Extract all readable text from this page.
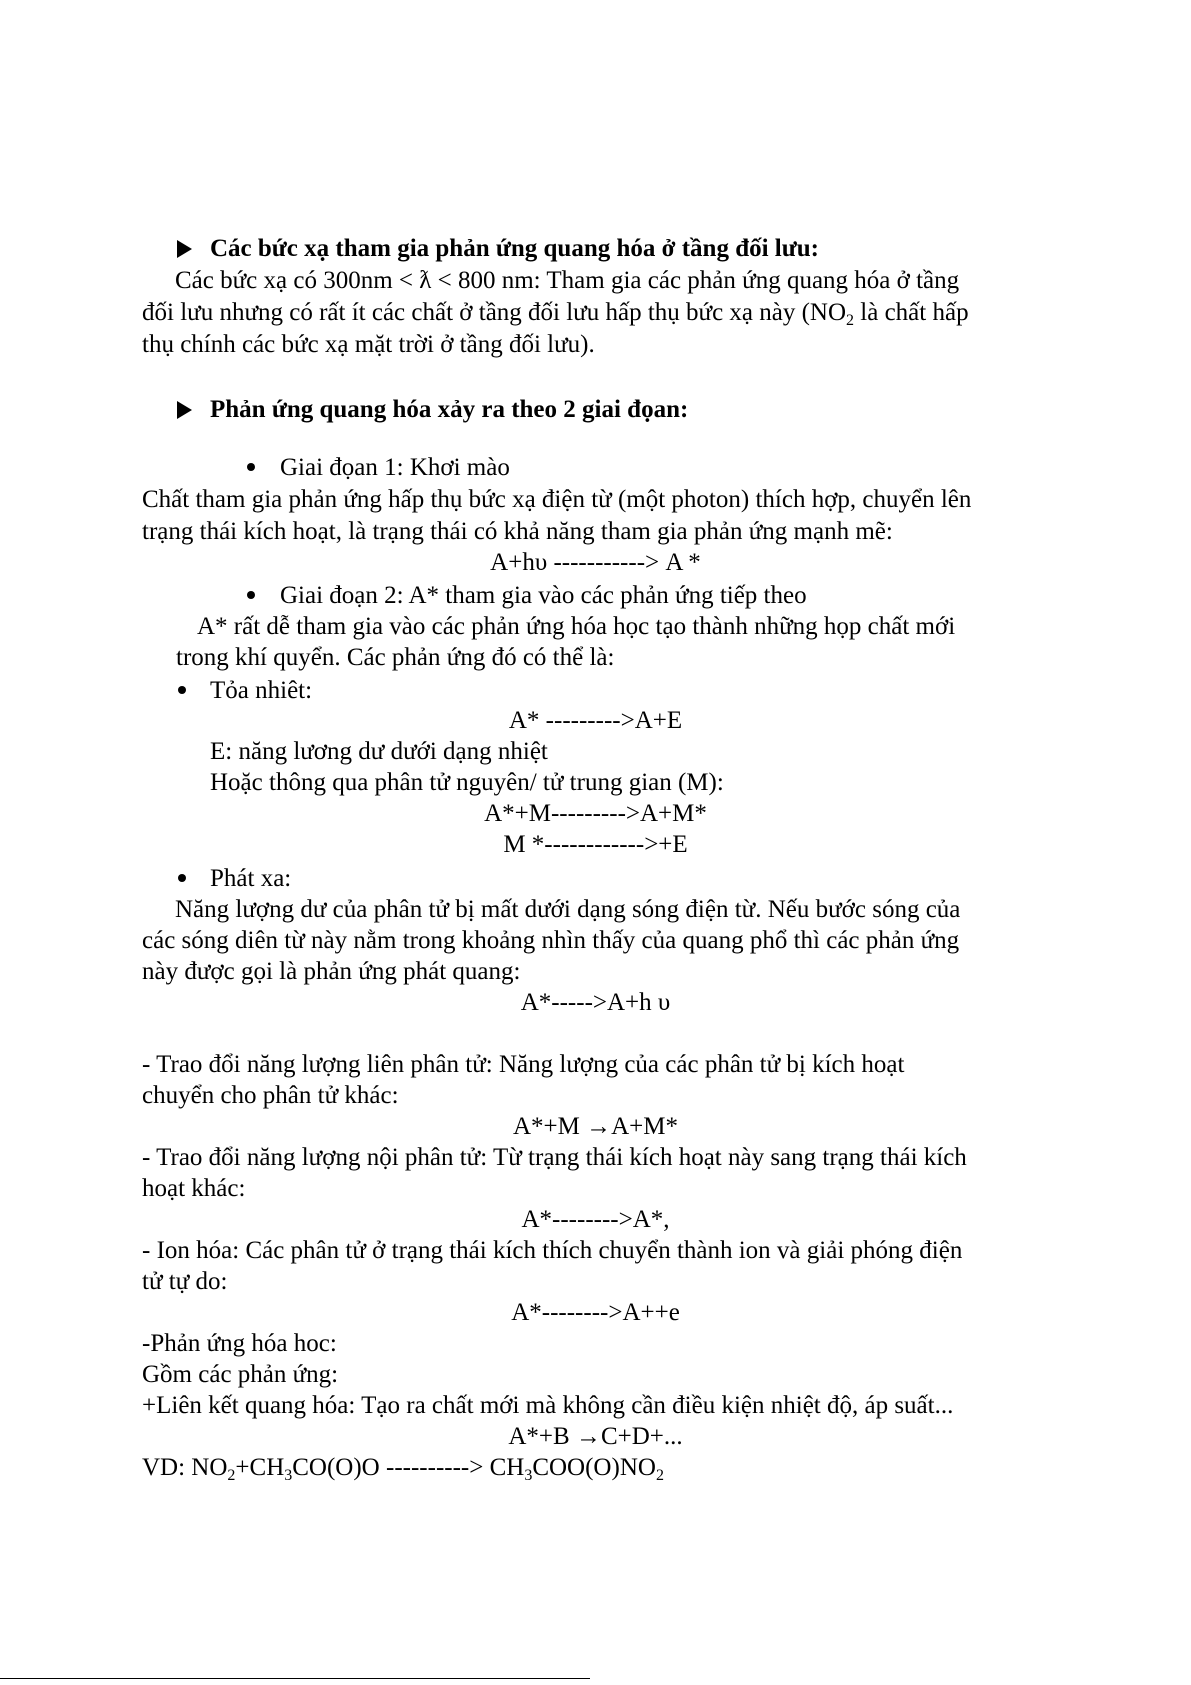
Các bức xạ tham gia phản ứng quang hóa ở tầng đối lưu:
Các bức xạ có 300nm < ƛ < 800 nm: Tham gia các phản ứng quang hóa ở tầng
đối lưu nhưng có rất ít các chất ở tầng đối lưu hấp thụ bức xạ này ($NO_2$ là chất hấp
thụ chính các bức xạ mặt trời ở tầng đối lưu).
Phản ứng quang hóa xảy ra theo 2 giai đọan:
Giai đọan 1: Khơi mào
Chất tham gia phản ứng hấp thụ bức xạ điện từ (một photon) thích hợp, chuyển lên
trạng thái kích hoạt, là trạng thái có khả năng tham gia phản ứng mạnh mẽ:
A+hυ -----------> A *
Giai đoạn 2: A* tham gia vào các phản ứng tiếp theo
A* rất dễ tham gia vào các phản ứng hóa học tạo thành những họp chất mới
trong khí quyển. Các phản ứng đó có thể là:
Tỏa nhiêt:
A* --------->A+E
E: năng lương dư dưới dạng nhiệt
Hoặc thông qua phân tử nguyên/ tử trung gian (M):
A*+M--------->A+M*
M *------------>+E
Phát xa:
Năng lượng dư của phân tử bị mất dưới dạng sóng điện từ. Nếu bước sóng của
các sóng diên từ này nằm trong khoảng nhìn thấy của quang phổ thì các phản ứng
này được gọi là phản ứng phát quang:
A*----->A+h υ
- Trao đổi năng lượng liên phân tử: Năng lượng của các phân tử bị kích hoạt
chuyển cho phân tử khác:
A*+M →A+M*
- Trao đổi năng lượng nội phân tử: Từ trạng thái kích hoạt này sang trạng thái kích
hoạt khác:
A*-------->A*,
- Ion hóa: Các phân tử ở trạng thái kích thích chuyển thành ion và giải phóng điện
tử tự do:
A*-------->A++e
-Phản ứng hóa hoc:
Gồm các phản ứng:
+Liên kết quang hóa: Tạo ra chất mới mà không cần điều kiện nhiệt độ, áp suất...
A*+B →C+D+...
VD: $NO_2+CH_3CO(O)O$ ----------> $CH_3COO(O)NO_2$
